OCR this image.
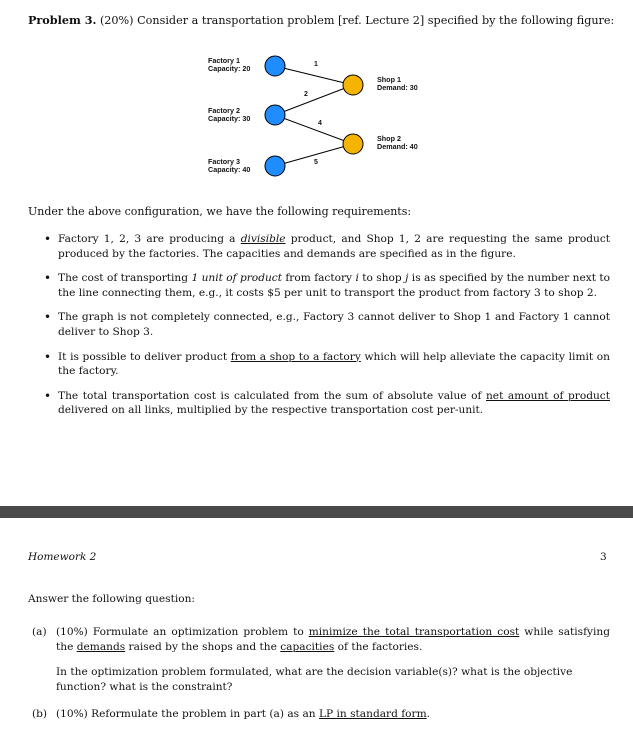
Problem 3. (20%) Consider a transportation problem [ref. Lecture 2] specified by the following figure:
Factory 1
Capacity: 20
Factory 2
Capacity: 30
Factory 3
Capacity: 40
Shop 1
Demand: 30
Shop 2
Demand: 40
1
2
4
5
Under the above configuration, we have the following requirements:
• Factory 1, 2, 3 are producing a divisible product, and Shop 1, 2 are requesting the same product produced by the factories. The capacities and demands are specified as in the figure.
• The cost of transporting 1 unit of product from factory i to shop j is as specified by the number next to the line connecting them, e.g., it costs $5 per unit to transport the product from factory 3 to shop 2.
• The graph is not completely connected, e.g., Factory 3 cannot deliver to Shop 1 and Factory 1 cannot deliver to Shop 3.
• It is possible to deliver product from a shop to a factory which will help alleviate the capacity limit on the factory.
• The total transportation cost is calculated from the sum of absolute value of net amount of product delivered on all links, multiplied by the respective transportation cost per-unit.
Homework 2	3
Answer the following question:
(a) (10%) Formulate an optimization problem to minimize the total transportation cost while satisfying the demands raised by the shops and the capacities of the factories.
In the optimization problem formulated, what are the decision variable(s)? what is the objective function? what is the constraint?
(b) (10%) Reformulate the problem in part (a) as an LP in standard form.
